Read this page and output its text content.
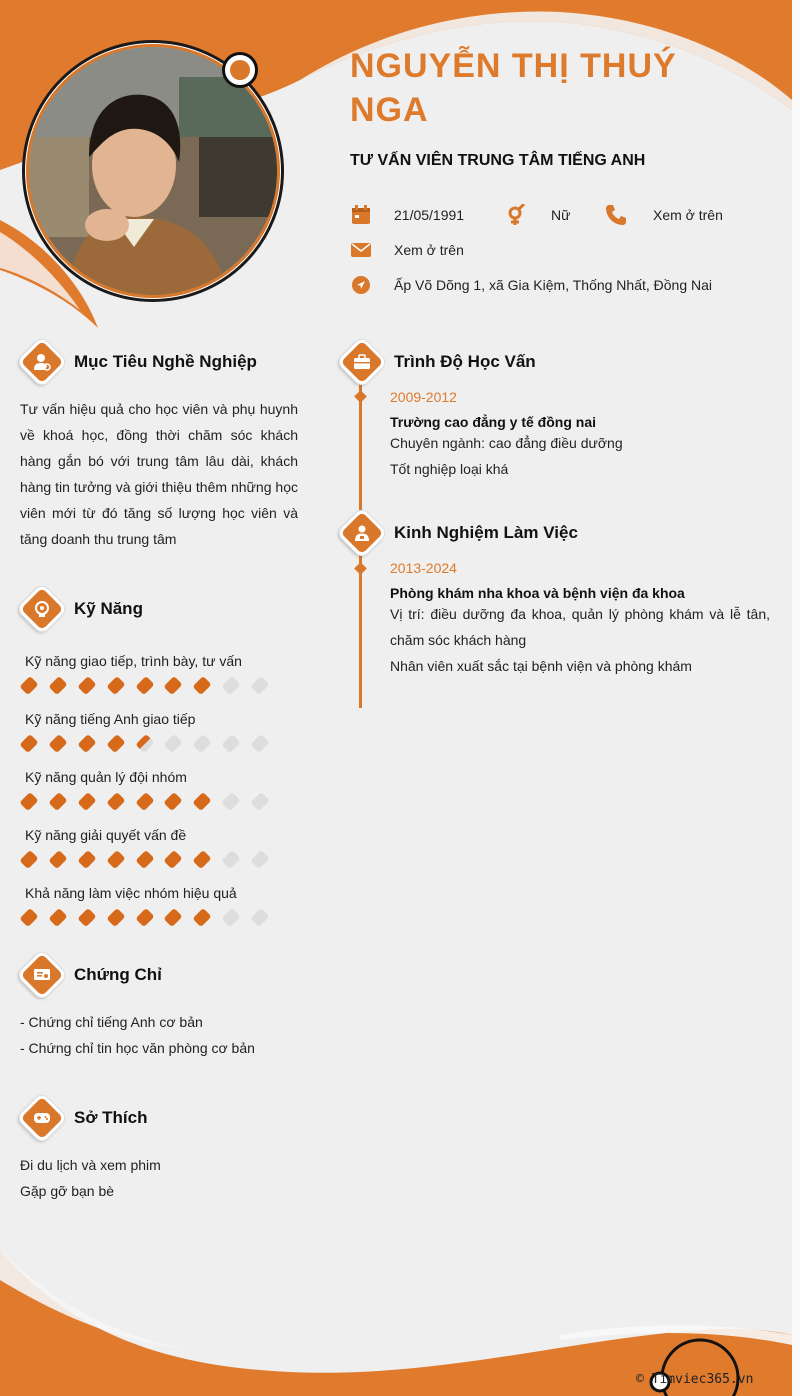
NGUYỄN THỊ THUÝ NGA
TƯ VẤN VIÊN TRUNG TÂM TIẾNG ANH
21/05/1991	Nữ	Xem ở trên
Xem ở trên
Ấp Võ Dõng 1, xã Gia Kiệm, Thống Nhất, Đồng Nai
Mục Tiêu Nghề Nghiệp
Tư vấn hiệu quả cho học viên và phụ huynh về khoá học, đồng thời chăm sóc khách hàng gắn bó với trung tâm lâu dài, khách hàng tin tưởng và giới thiệu thêm những học viên mới từ đó tăng số lượng học viên và tăng doanh thu trung tâm
Kỹ Năng
Kỹ năng giao tiếp, trình bày, tư vấn
Kỹ năng tiếng Anh giao tiếp
Kỹ năng quản lý đội nhóm
Kỹ năng giải quyết vấn đề
Khả năng làm việc nhóm hiệu quả
Chứng Chỉ
- Chứng chỉ tiếng Anh cơ bản
- Chứng chỉ tin học văn phòng cơ bản
Sở Thích
Đi du lịch và xem phim
Gặp gỡ bạn bè
Trình Độ Học Vấn
2009-2012
Trường cao đẳng y tế đồng nai
Chuyên ngành: cao đẳng điều dưỡng
Tốt nghiệp loại khá
Kinh Nghiệm Làm Việc
2013-2024
Phòng khám nha khoa và bệnh viện đa khoa
Vị trí: điều dưỡng đa khoa, quản lý phòng khám và lễ tân, chăm sóc khách hàng
Nhân viên xuất sắc tại bệnh viện và phòng khám
© Timviec365.vn
